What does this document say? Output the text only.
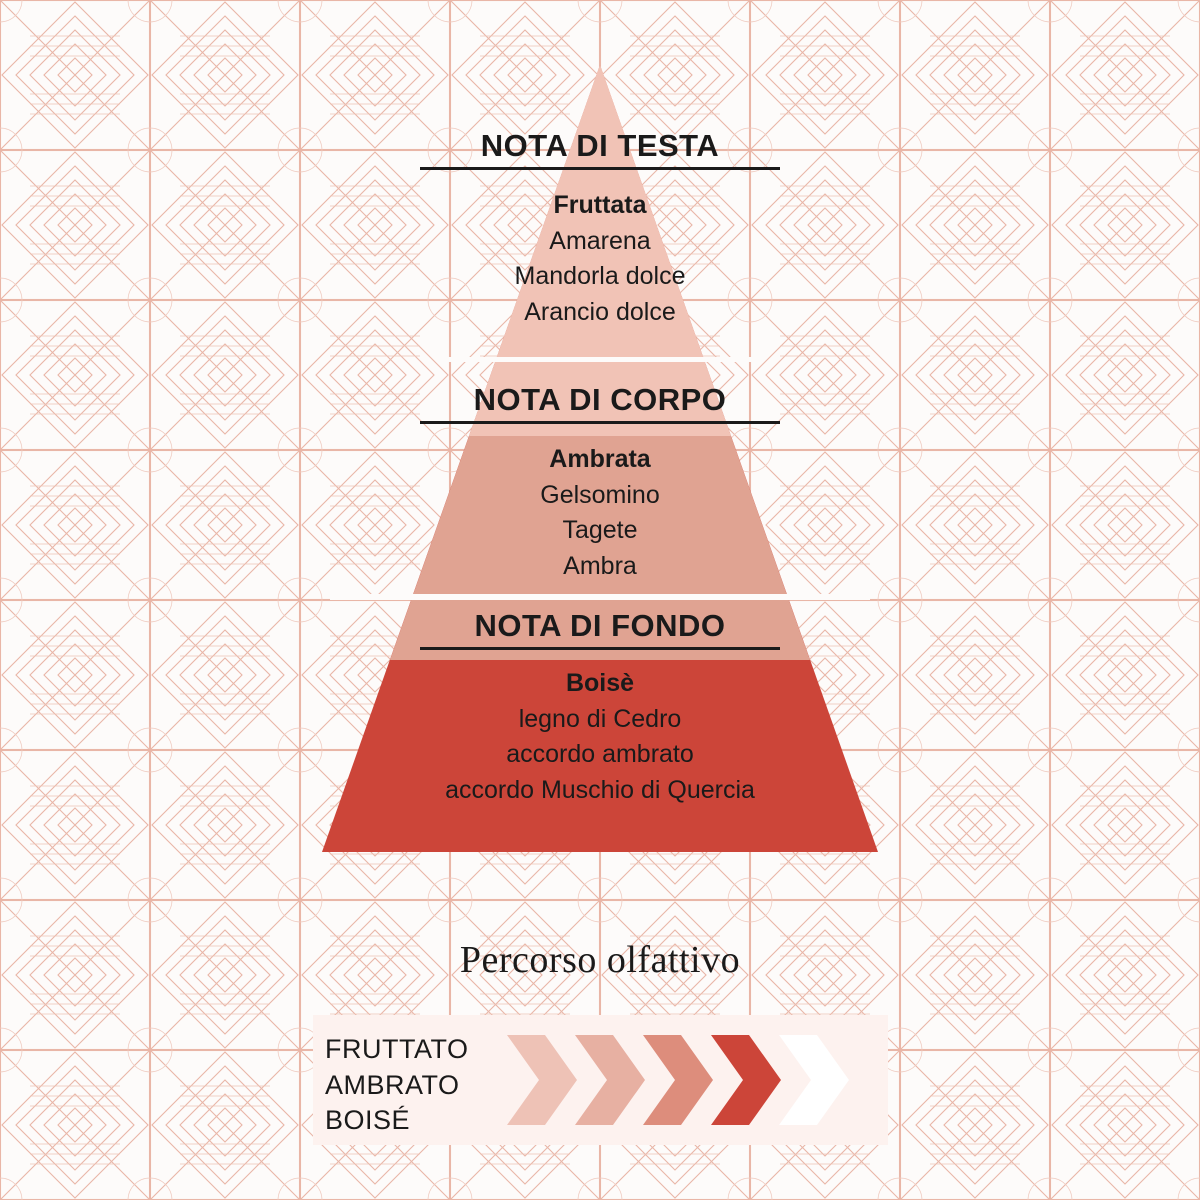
NOTA DI TESTA
Fruttata
Amarena
Mandorla dolce
Arancio dolce
NOTA DI CORPO
Ambrata
Gelsomino
Tagete
Ambra
NOTA DI FONDO
Boisè
legno di Cedro
accordo ambrato
accordo Muschio di Quercia
Percorso olfattivo
FRUTTATO
AMBRATO
BOISÉ
